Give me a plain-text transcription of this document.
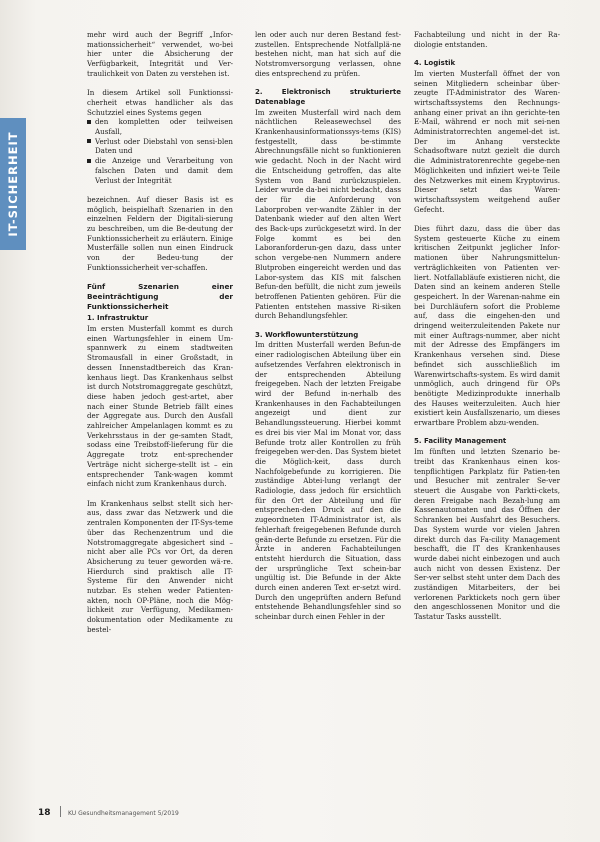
IT-SICHERHEIT

mehr wird auch der Begriff „Infor-mationssicherheit“ verwendet, wo-bei hier unter die Absicherung der Verfügbarkeit, Integrität und Ver-traulichkeit von Daten zu verstehen ist.

In diesem Artikel soll Funktionssi-cherheit etwas handlicher als das Schutzziel eines Systems gegen

den kompletten oder teilweisen Ausfall,
Verlust oder Diebstahl von sensi-blen Daten und
die Anzeige und Verarbeitung von falschen Daten und damit dem Verlust der Integrität

bezeichnen. Auf dieser Basis ist es möglich, beispielhaft Szenarien in den einzelnen Feldern der Digitali-sierung zu beschreiben, um die Be-deutung der Funktionssicherheit zu erläutern. Einige Musterfälle sollen nun einen Eindruck von der Bedeu-tung der Funktionssicherheit ver-schaffen.

Fünf Szenarien einer Beeinträchtigung der Funktionssicherheit
1. Infrastruktur

Im ersten Musterfall kommt es durch einen Wartungsfehler in einem Um-spannwerk zu einem stadtweiten Stromausfall in einer Großstadt, in dessen Innenstadtbereich das Kran-kenhaus liegt. Das Krankenhaus selbst ist durch Notstromaggregate geschützt, diese haben jedoch gest-artet, aber nach einer Stunde Betrieb fällt eines der Aggregate aus. Durch den Ausfall zahlreicher Ampelanlagen kommt es zu Verkehrsstaus in der ge-samten Stadt, sodass eine Treibstoff-lieferung für die Aggregate trotz ent-sprechender Verträge nicht sicherge-stellt ist – ein entsprechender Tank-wagen kommt einfach nicht zum Krankenhaus durch.

Im Krankenhaus selbst stellt sich her-aus, dass zwar das Netzwerk und die zentralen Komponenten der IT-Sys-teme über das Rechenzentrum und die Notstromaggregate abgesichert sind – nicht aber alle PCs vor Ort, da deren Absicherung zu teuer geworden wä-re. Hierdurch sind praktisch alle IT-Systeme für den Anwender nicht nutzbar. Es stehen weder Patienten-akten, noch OP-Pläne, noch die Mög-lichkeit zur Verfügung, Medikamen-dokumentation oder Medikamente zu bestel-

len oder auch nur deren Bestand fest-zustellen. Entsprechende Notfallplä-ne bestehen nicht, man hat sich auf die Notstromversorgung verlassen, ohne dies entsprechend zu prüfen.

2. Elektronisch strukturierte Datenablage

Im zweiten Musterfall wird nach dem nächtlichen Releasewechsel des Krankenhausinformationssys-tems (KIS) festgestellt, dass be-stimmte Abrechnungsfälle nicht so funktionieren wie gedacht. Noch in der Nacht wird die Entscheidung getroffen, das alte System von Band zurückzuspielen. Leider wurde da-bei nicht bedacht, dass der für die Anforderung von Laborproben ver-wandte Zähler in der Datenbank wieder auf den alten Wert des Back-ups zurückgesetzt wird. In der Folge kommt es bei den Laboranforderun-gen dazu, dass unter schon vergebe-nen Nummern andere Blutproben eingereicht werden und das Labor-system das KIS mit falschen Befun-den befüllt, die nicht zum jeweils betroffenen Patienten gehören. Für die Patienten entstehen massive Ri-siken durch Behandlungsfehler.

3. Workflowunterstützung

Im dritten Musterfall werden Befun-de einer radiologischen Abteilung über ein aufsetzendes Verfahren elektronisch in der entsprechenden Abteilung freigegeben. Nach der letzten Freigabe wird der Befund in-nerhalb des Krankenhauses in den Fachabteilungen angezeigt und dient zur Behandlungssteuerung. Hierbei kommt es drei bis vier Mal im Monat vor, dass Befunde trotz aller Kontrollen zu früh freigegeben wer-den. Das System bietet die Möglich-keit, dass durch Nachfolgebefunde zu korrigieren. Die zuständige Abtei-lung verlangt der Radiologie, dass jedoch für ersichtlich für den Ort der Abteilung und für entsprechen-den Druck auf den die zugeordneten IT-Administrator ist, als fehlerhaft freigegebenen Befunde durch geän-derte Befunde zu ersetzen. Für die Ärzte in anderen Fachabteilungen entsteht hierdurch die Situation, dass der ursprüngliche Text schein-bar ungültig ist. Die Befunde in der Akte durch einen anderen Text er-setzt wird. Durch den ungeprüften andern Befund entstehende Behandlungsfehler sind so scheinbar durch einen Fehler in der

Fachabteilung und nicht in der Ra-diologie entstanden.

4. Logistik

Im vierten Musterfall öffnet der von seinen Mitgliedern scheinbar über-zeugte IT-Administrator des Waren-wirtschaftssystems den Rechnungs-anhang einer privat an ihn gerichte-ten E-Mail, während er noch mit sei-nen Administratorrechten angemel-det ist. Der im Anhang versteckte Schadsoftware nutzt gezielt die durch die Administratorenrechte gegebe-nen Möglichkeiten und infiziert wei-te Teile des Netzwerkes mit einem Kryptovirus. Dieser setzt das Waren-wirtschaftssystem weitgehend außer Gefecht.

Dies führt dazu, dass die über das System gesteuerte Küche zu einem kritischen Zeitpunkt jeglicher Infor-mationen über Nahrungsmittelun-verträglichkeiten von Patienten ver-liert. Notfallabläufe existieren nicht, die Daten sind an keinem anderen Stelle gespeichert. In der Warenan-nahme ein bei Durchläufern sofort die Probleme auf, dass die eingehen-den und dringend weiterzuleitenden Pakete nur mit einer Auftrags-nummer, aber nicht mit der Adresse des Empfängers im Krankenhaus versehen sind. Diese befindet sich ausschließlich im Warenwirtschafts-system. Es wird damit unmöglich, auch dringend für OPs benötigte Medizinprodukte innerhalb des Hauses weiterzuleiten. Auch hier existiert kein Ausfallszenario, um dieses erwartbare Problem abzu-wenden.

5. Facility Management

Im fünften und letzten Szenario be-treibt das Krankenhaus einen kos-tenpflichtigen Parkplatz für Patien-ten und Besucher mit zentraler Se-ver steuert die Ausgabe von Parkti-ckets, deren Freigabe nach Bezah-lung am Kassenautomaten und das Öffnen der Schranken bei Ausfahrt des Besuchers. Das System wurde vor vielen Jahren direkt durch das Fa-cility Management beschafft, die IT des Krankenhauses wurde dabei nicht einbezogen und auch auch nicht von dessen Existenz. Der Ser-ver selbst steht unter dem Dach des zuständigen Mitarbeiters, der bei verlorenen Parktickets noch gern über den angeschlossenen Monitor und die Tastatur Tasks ausstellt.

18	KU Gesundheitsmanagement 5/2019
